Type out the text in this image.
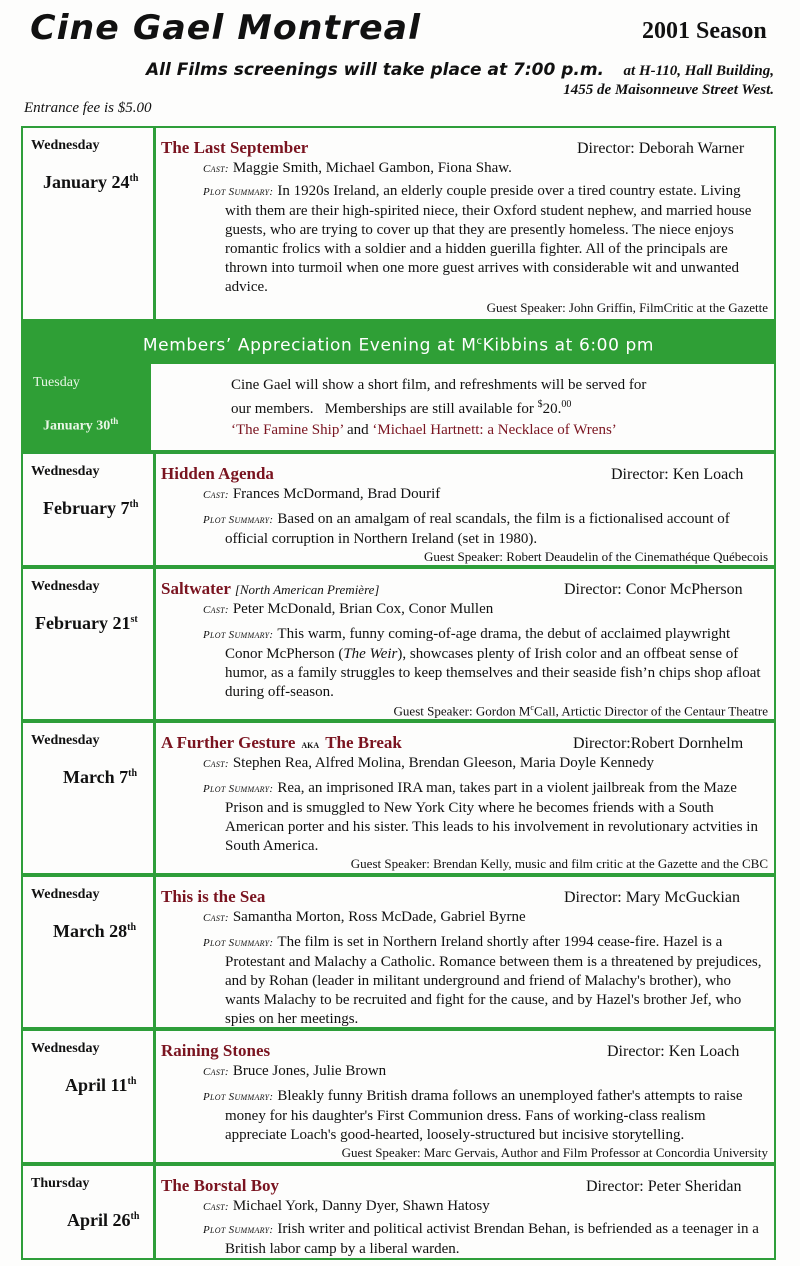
Cine Gael Montreal	2001 Season
All Films screenings will take place at 7:00 p.m.	at H-110, Hall Building,
1455 de Maisonneuve Street West.
Entrance fee is $5.00
Wednesday
January 24th
The Last September	Director: Deborah Warner
Cast: Maggie Smith, Michael Gambon, Fiona Shaw.
Plot Summary: In 1920s Ireland, an elderly couple preside over a tired country estate. Living with them are their high-spirited niece, their Oxford student nephew, and married house guests, who are trying to cover up that they are presently homeless. The niece enjoys romantic frolics with a soldier and a hidden guerilla fighter. All of the principals are thrown into turmoil when one more guest arrives with considerable wit and unwanted advice.
Guest Speaker: John Griffin, FilmCritic at the Gazette
Members’ Appreciation Evening at $M^cKibbins$ at 6:00 pm
Tuesday
January 30th
Cine Gael will show a short film, and refreshments will be served for
our members.   Memberships are still available for $20.00
‘The Famine Ship’ and ‘Michael Hartnett: a Necklace of Wrens’
Wednesday
February 7th
Hidden Agenda	Director: Ken Loach
Cast: Frances McDormand, Brad Dourif
Plot Summary: Based on an amalgam of real scandals, the film is a fictionalised account of official corruption in Northern Ireland (set in 1980).
Guest Speaker: Robert Deaudelin of the Cinemathéque Québecois
Wednesday
February 21st
Saltwater [North American Première]	Director: Conor McPherson
Cast: Peter McDonald, Brian Cox, Conor Mullen
Plot Summary: This warm, funny coming-of-age drama, the debut of acclaimed playwright Conor McPherson (The Weir), showcases plenty of Irish color and an offbeat sense of humor, as a family struggles to keep themselves and their seaside fish’n chips shop afloat during off-season.
Guest Speaker: Gordon $M^cCall$, Artictic Director of the Centaur Theatre
Wednesday
March 7th
A Further Gesture aka The Break	Director:Robert Dornhelm
Cast: Stephen Rea, Alfred Molina, Brendan Gleeson, Maria Doyle Kennedy
Plot Summary: Rea, an imprisoned IRA man, takes part in a violent jailbreak from the Maze Prison and is smuggled to New York City where he becomes friends with a South American porter and his sister. This leads to his involvement in revolutionary actvities in South America.
Guest Speaker: Brendan Kelly, music and film critic at the Gazette and the CBC
Wednesday
March 28th
This is the Sea	Director: Mary McGuckian
Cast: Samantha Morton, Ross McDade, Gabriel Byrne
Plot Summary: The film is set in Northern Ireland shortly after 1994 cease-fire. Hazel is a Protestant and Malachy a Catholic. Romance between them is a threatened by prejudices, and by Rohan (leader in militant underground and friend of Malachy's brother), who wants Malachy to be recruited and fight for the cause, and by Hazel's brother Jef, who spies on her meetings.
Wednesday
April 11th
Raining Stones	Director: Ken Loach
Cast: Bruce Jones, Julie Brown
Plot Summary: Bleakly funny British drama follows an unemployed father's attempts to raise money for his daughter's First Communion dress. Fans of working-class realism appreciate Loach's good-hearted, loosely-structured but incisive storytelling.
Guest Speaker: Marc Gervais, Author and Film Professor at Concordia University
Thursday
April 26th
The Borstal Boy	Director: Peter Sheridan
Cast: Michael York, Danny Dyer, Shawn Hatosy
Plot Summary: Irish writer and political activist Brendan Behan, is befriended as a teenager in a British labor camp by a liberal warden.
